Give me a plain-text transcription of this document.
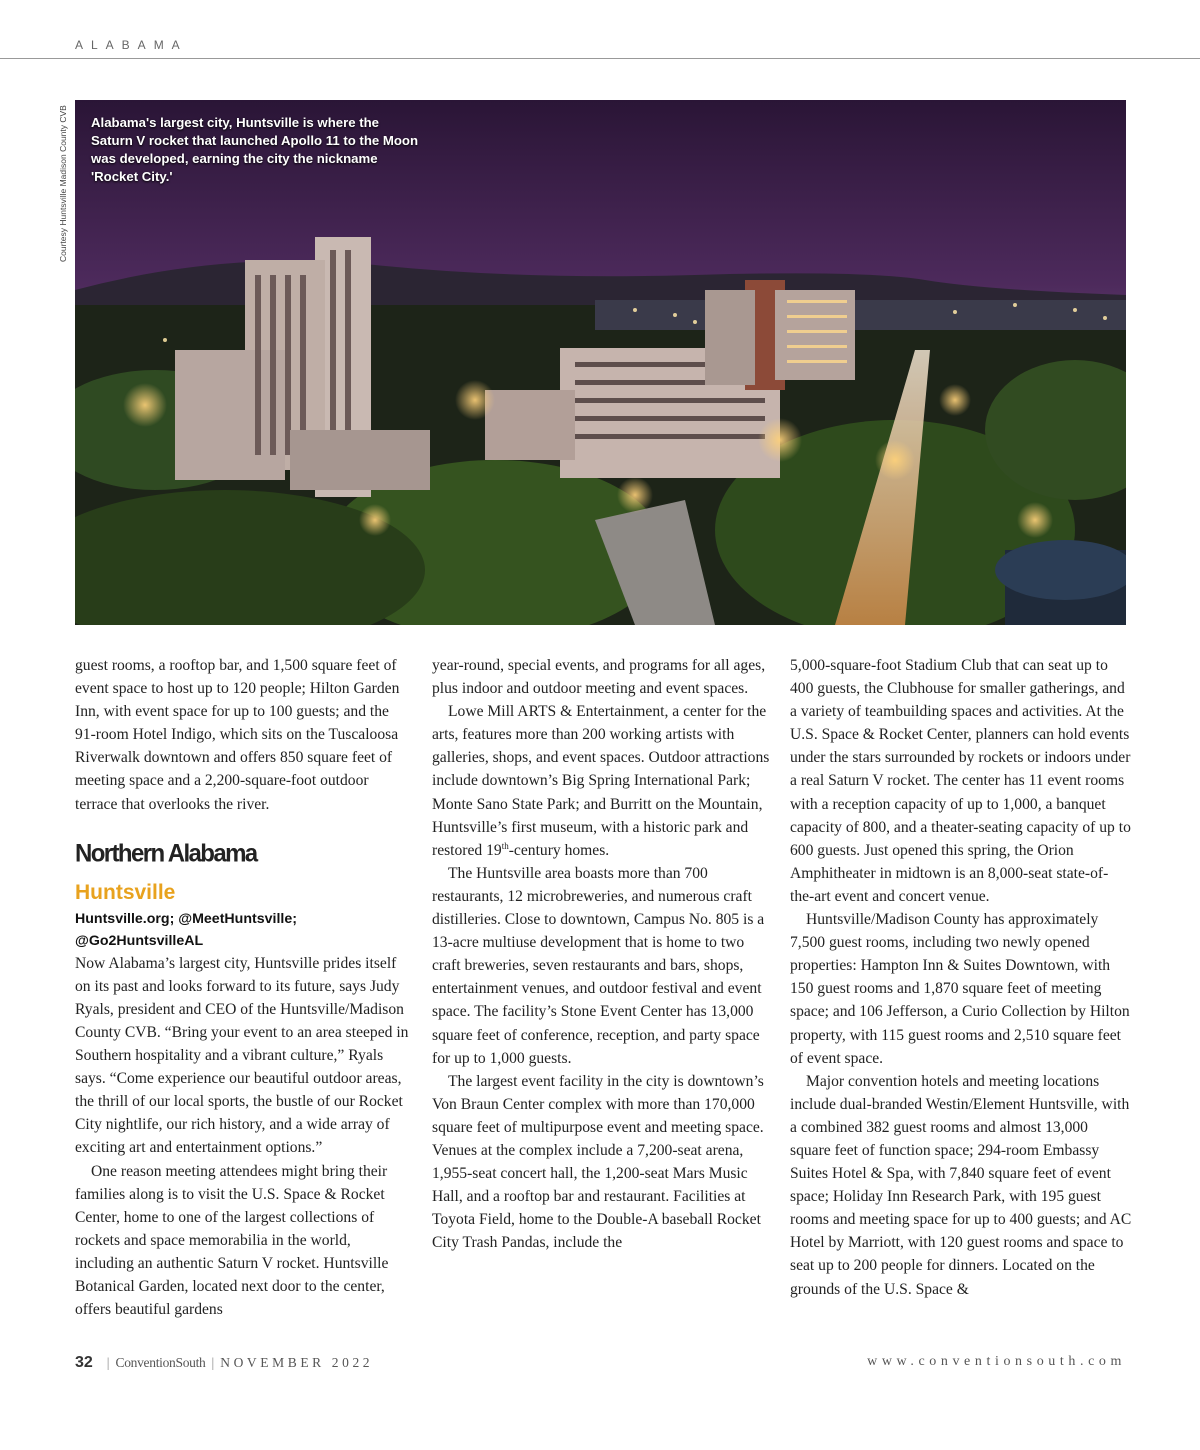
ALABAMA
Courtesy Huntsville Madison County CVB Alabama's largest city, Huntsville is where the Saturn V rocket that launched Apollo 11 to the Moon was developed, earning the city the nickname 'Rocket City.'

guest rooms, a rooftop bar, and 1,500 square feet of event space to host up to 120 people; Hilton Garden Inn, with event space for up to 100 guests; and the 91-room Hotel Indigo, which sits on the Tuscaloosa Riverwalk downtown and offers 850 square feet of meeting space and a 2,200-square-foot outdoor terrace that overlooks the river.

Northern Alabama
Huntsville
Huntsville.org; @MeetHuntsville;
@Go2HuntsvilleAL

Now Alabama’s largest city, Huntsville prides itself on its past and looks forward to its future, says Judy Ryals, president and CEO of the Huntsville/Madison County CVB. “Bring your event to an area steeped in Southern hospitality and a vibrant culture,” Ryals says. “Come experience our beautiful outdoor areas, the thrill of our local sports, the bustle of our Rocket City nightlife, our rich history, and a wide array of exciting art and entertainment options.”

One reason meeting attendees might bring their families along is to visit the U.S. Space & Rocket Center, home to one of the largest collections of rockets and space memorabilia in the world, including an authentic Saturn V rocket. Huntsville Botanical Garden, located next door to the center, offers beautiful gardens

year-round, special events, and programs for all ages, plus indoor and outdoor meeting and event spaces.

Lowe Mill ARTS & Entertainment, a center for the arts, features more than 200 working artists with galleries, shops, and event spaces. Outdoor attractions include downtown’s Big Spring International Park; Monte Sano State Park; and Burritt on the Mountain, Huntsville’s first museum, with a historic park and restored 19th-century homes.

The Huntsville area boasts more than 700 restaurants, 12 microbreweries, and numerous craft distilleries. Close to downtown, Campus No. 805 is a 13-acre multiuse development that is home to two craft breweries, seven restaurants and bars, shops, entertainment venues, and outdoor festival and event space. The facility’s Stone Event Center has 13,000 square feet of conference, reception, and party space for up to 1,000 guests.

The largest event facility in the city is downtown’s Von Braun Center complex with more than 170,000 square feet of multipurpose event and meeting space. Venues at the complex include a 7,200-seat arena, 1,955-seat concert hall, the 1,200-seat Mars Music Hall, and a rooftop bar and restaurant. Facilities at Toyota Field, home to the Double-A baseball Rocket City Trash Pandas, include the

5,000-square-foot Stadium Club that can seat up to 400 guests, the Clubhouse for smaller gatherings, and a variety of teambuilding spaces and activities. At the U.S. Space & Rocket Center, planners can hold events under the stars surrounded by rockets or indoors under a real Saturn V rocket. The center has 11 event rooms with a reception capacity of up to 1,000, a banquet capacity of 800, and a theater-seating capacity of up to 600 guests. Just opened this spring, the Orion Amphitheater in midtown is an 8,000-seat state-of-the-art event and concert venue.

Huntsville/Madison County has approximately 7,500 guest rooms, including two newly opened properties: Hampton Inn & Suites Downtown, with 150 guest rooms and 1,870 square feet of meeting space; and 106 Jefferson, a Curio Collection by Hilton property, with 115 guest rooms and 2,510 square feet of event space.

Major convention hotels and meeting locations include dual-branded Westin/Element Huntsville, with a combined 382 guest rooms and almost 13,000 square feet of function space; 294-room Embassy Suites Hotel & Spa, with 7,840 square feet of event space; Holiday Inn Research Park, with 195 guest rooms and meeting space for up to 400 guests; and AC Hotel by Marriott, with 120 guest rooms and space to seat up to 200 people for dinners. Located on the grounds of the U.S. Space &

32 | ConventionSouth | NOVEMBER 2022	www.conventionsouth.com
